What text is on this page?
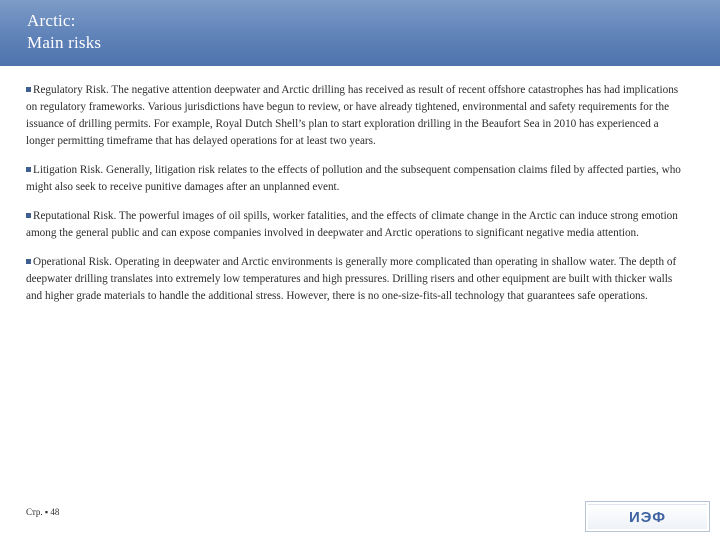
Arctic:
Main risks

Regulatory Risk. The negative attention deepwater and Arctic drilling has received as result of recent offshore catastrophes has had implications on regulatory frameworks. Various jurisdictions have begun to review, or have already tightened, environmental and safety requirements for the issuance of drilling permits. For example, Royal Dutch Shell’s plan to start exploration drilling in the Beaufort Sea in 2010 has experienced a longer permitting timeframe that has delayed operations for at least two years.

Litigation Risk. Generally, litigation risk relates to the effects of pollution and the subsequent compensation claims filed by affected parties, who might also seek to receive punitive damages after an unplanned event.

Reputational Risk. The powerful images of oil spills, worker fatalities, and the effects of climate change in the Arctic can induce strong emotion among the general public and can expose companies involved in deepwater and Arctic operations to significant negative media attention.

Operational Risk. Operating in deepwater and Arctic environments is generally more complicated than operating in shallow water. The depth of deepwater drilling translates into extremely low temperatures and high pressures. Drilling risers and other equipment are built with thicker walls and higher grade materials to handle the additional stress. However, there is no one-size-fits-all technology that guarantees safe operations.

Стр. ▪ 48	ИЭФ
